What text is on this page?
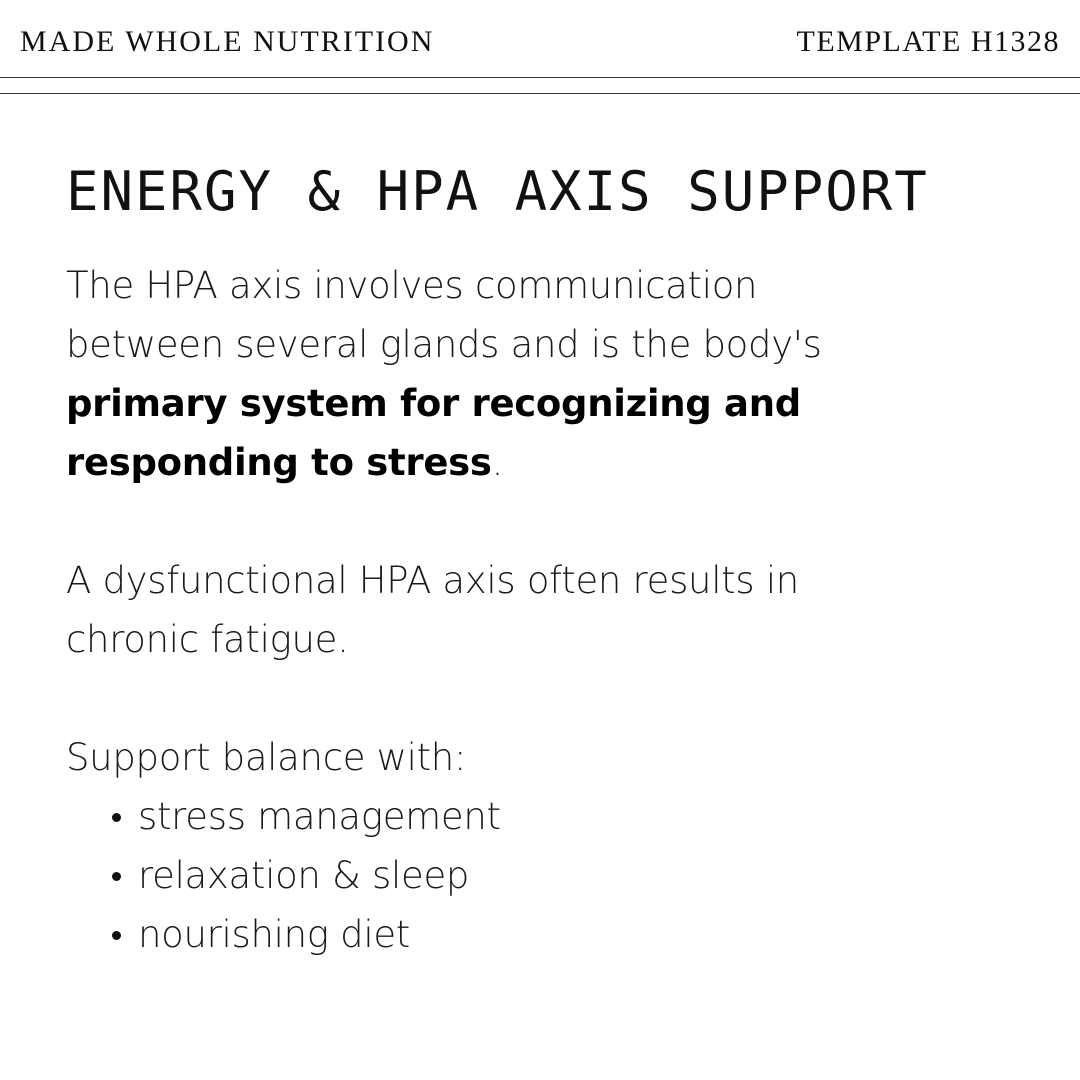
MADE WHOLE NUTRITION	TEMPLATE H1328
ENERGY & HPA AXIS SUPPORT

The HPA axis involves communication between several glands and is the body's primary system for recognizing and responding to stress.

A dysfunctional HPA axis often results in chronic fatigue.

Support balance with:

stress management
relaxation & sleep
nourishing diet
